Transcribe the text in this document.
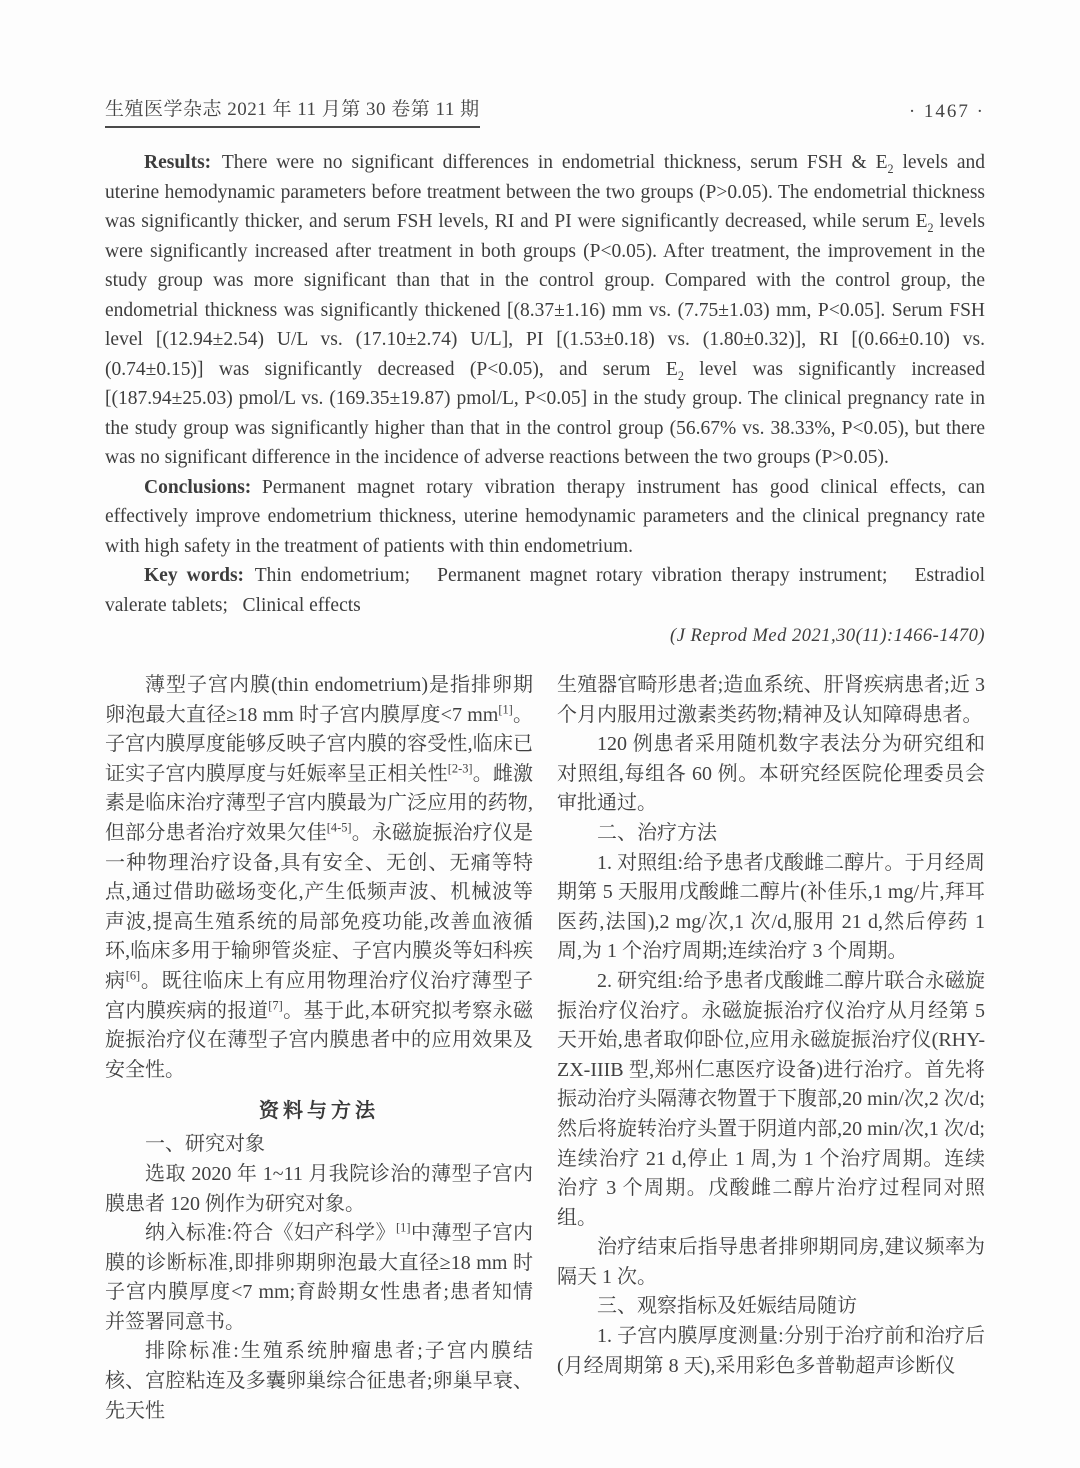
生殖医学杂志 2021 年 11 月第 30 卷第 11 期	· 1467 ·

Results: There were no significant differences in endometrial thickness, serum FSH & $E_2$ levels and uterine hemodynamic parameters before treatment between the two groups (P>0.05). The endometrial thickness was significantly thicker, and serum FSH levels, RI and PI were significantly decreased, while serum $E_2$ levels were significantly increased after treatment in both groups (P<0.05). After treatment, the improvement in the study group was more significant than that in the control group. Compared with the control group, the endometrial thickness was significantly thickened [(8.37±1.16) mm vs. (7.75±1.03) mm, P<0.05]. Serum FSH level [(12.94±2.54) U/L vs. (17.10±2.74) U/L], PI [(1.53±0.18) vs. (1.80±0.32)], RI [(0.66±0.10) vs. (0.74±0.15)] was significantly decreased (P<0.05), and serum $E_2$ level was significantly increased [(187.94±25.03) pmol/L vs. (169.35±19.87) pmol/L, P<0.05] in the study group. The clinical pregnancy rate in the study group was significantly higher than that in the control group (56.67% vs. 38.33%, P<0.05), but there was no significant difference in the incidence of adverse reactions between the two groups (P>0.05).

Conclusions: Permanent magnet rotary vibration therapy instrument has good clinical effects, can effectively improve endometrium thickness, uterine hemodynamic parameters and the clinical pregnancy rate with high safety in the treatment of patients with thin endometrium.

Key words: Thin endometrium;   Permanent magnet rotary vibration therapy instrument;   Estradiol valerate tablets;   Clinical effects

(J Reprod Med 2021,30(11):1466-1470)

薄型子宫内膜(thin endometrium)是指排卵期卵泡最大直径≥18 mm 时子宫内膜厚度<7 mm[1]。子宫内膜厚度能够反映子宫内膜的容受性,临床已证实子宫内膜厚度与妊娠率呈正相关性[2-3]。雌激素是临床治疗薄型子宫内膜最为广泛应用的药物,但部分患者治疗效果欠佳[4-5]。永磁旋振治疗仪是一种物理治疗设备,具有安全、无创、无痛等特点,通过借助磁场变化,产生低频声波、机械波等声波,提高生殖系统的局部免疫功能,改善血液循环,临床多用于输卵管炎症、子宫内膜炎等妇科疾病[6]。既往临床上有应用物理治疗仪治疗薄型子宫内膜疾病的报道[7]。基于此,本研究拟考察永磁旋振治疗仪在薄型子宫内膜患者中的应用效果及安全性。

资料与方法

一、研究对象

选取 2020 年 1~11 月我院诊治的薄型子宫内膜患者 120 例作为研究对象。

纳入标准:符合《妇产科学》[1]中薄型子宫内膜的诊断标准,即排卵期卵泡最大直径≥18 mm 时子宫内膜厚度<7 mm;育龄期女性患者;患者知情并签署同意书。

排除标准:生殖系统肿瘤患者;子宫内膜结核、宫腔粘连及多囊卵巢综合征患者;卵巢早衰、先天性

生殖器官畸形患者;造血系统、肝肾疾病患者;近 3 个月内服用过激素类药物;精神及认知障碍患者。

120 例患者采用随机数字表法分为研究组和对照组,每组各 60 例。本研究经医院伦理委员会审批通过。

二、治疗方法

1. 对照组:给予患者戊酸雌二醇片。于月经周期第 5 天服用戊酸雌二醇片(补佳乐,1 mg/片,拜耳医药,法国),2 mg/次,1 次/d,服用 21 d,然后停药 1 周,为 1 个治疗周期;连续治疗 3 个周期。

2. 研究组:给予患者戊酸雌二醇片联合永磁旋振治疗仪治疗。永磁旋振治疗仪治疗从月经第 5 天开始,患者取仰卧位,应用永磁旋振治疗仪(RHY-ZX-IIIB 型,郑州仁惠医疗设备)进行治疗。首先将振动治疗头隔薄衣物置于下腹部,20 min/次,2 次/d;然后将旋转治疗头置于阴道内部,20 min/次,1 次/d;连续治疗 21 d,停止 1 周,为 1 个治疗周期。连续治疗 3 个周期。戊酸雌二醇片治疗过程同对照组。

治疗结束后指导患者排卵期同房,建议频率为隔天 1 次。

三、观察指标及妊娠结局随访

1. 子宫内膜厚度测量:分别于治疗前和治疗后(月经周期第 8 天),采用彩色多普勒超声诊断仪
